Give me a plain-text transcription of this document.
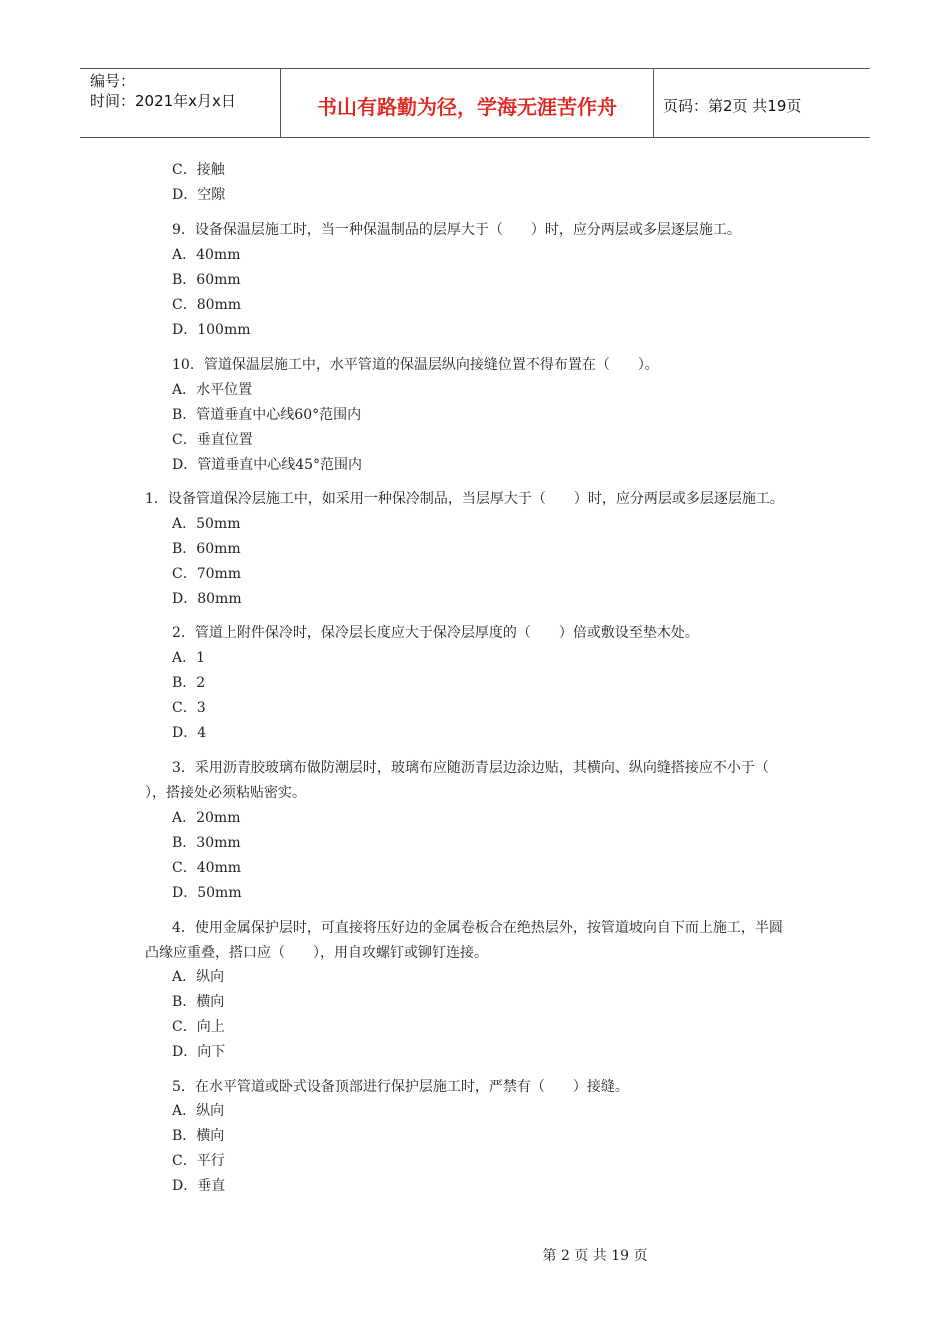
编号：
时间：2021年x月x日	书山有路勤为径，学海无涯苦作舟	页码：第2页 共19页
C．接触
D．空隙
9．设备保温层施工时，当一种保温制品的层厚大于（　　）时，应分两层或多层逐层施工。
A．40mm
B．60mm
C．80mm
D．100mm
10．管道保温层施工中，水平管道的保温层纵向接缝位置不得布置在（　　）。
A．水平位置
B．管道垂直中心线60°范围内
C．垂直位置
D．管道垂直中心线45°范围内
1．设备管道保冷层施工中，如采用一种保冷制品，当层厚大于（　　）时，应分两层或多层逐层施工。
A．50mm
B．60mm
C．70mm
D．80mm
2．管道上附件保冷时，保冷层长度应大于保冷层厚度的（　　）倍或敷设至垫木处。
A．1
B．2
C．3
D．4
3．采用沥青胶玻璃布做防潮层时，玻璃布应随沥青层边涂边贴，其横向、纵向缝搭接应不小于（
），搭接处必须粘贴密实。
A．20mm
B．30mm
C．40mm
D．50mm
4．使用金属保护层时，可直接将压好边的金属卷板合在绝热层外，按管道坡向自下而上施工，半圆
凸缘应重叠，搭口应（　　），用自攻螺钉或铆钉连接。
A．纵向
B．横向
C．向上
D．向下
5．在水平管道或卧式设备顶部进行保护层施工时，严禁有（　　）接缝。
A．纵向
B．横向
C．平行
D．垂直
第 2 页 共 19 页
